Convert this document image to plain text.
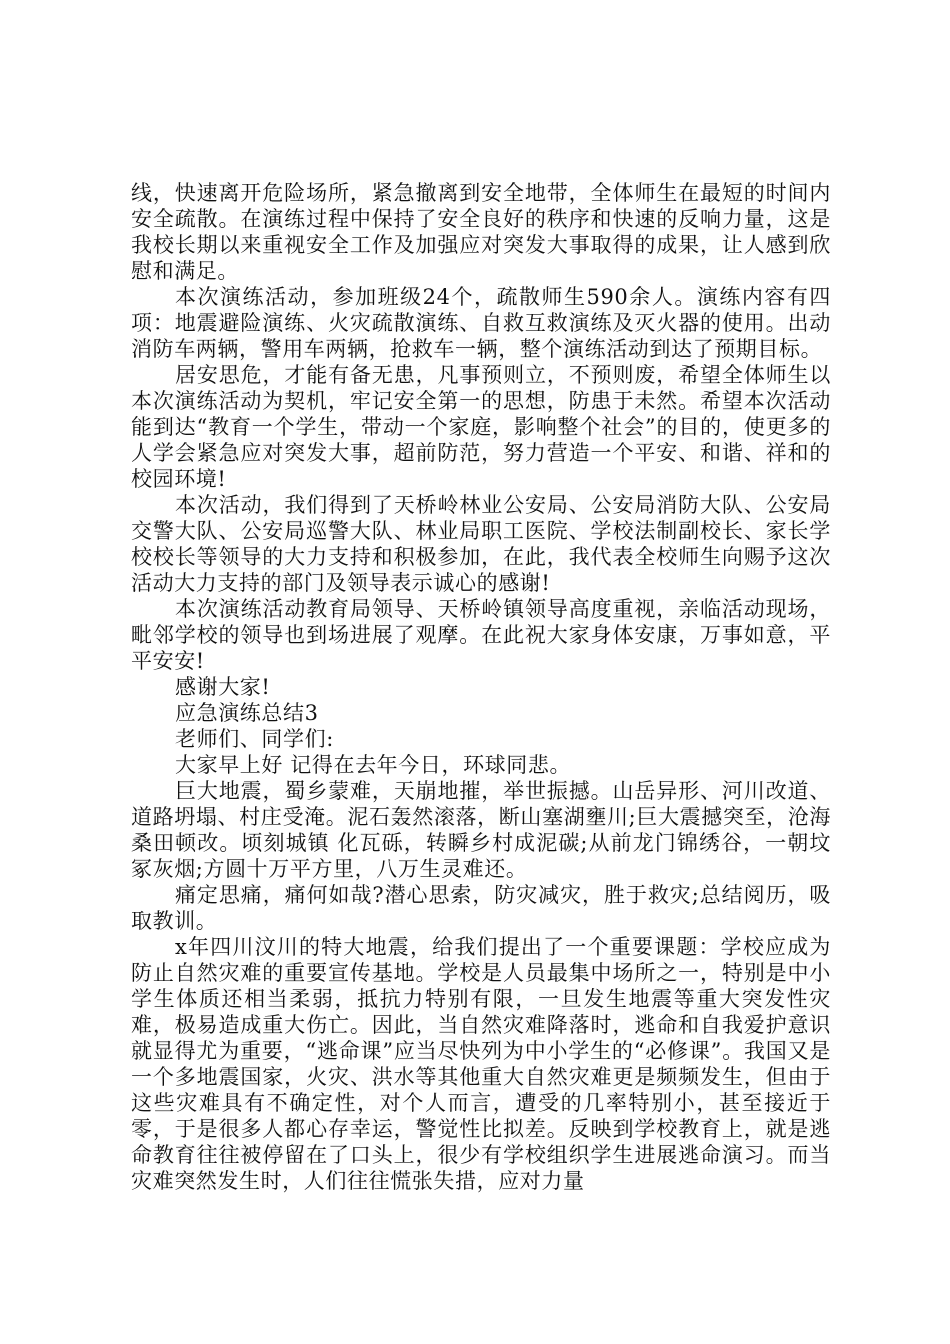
线，快速离开危险场所，紧急撤离到安全地带，全体师生在最短的时间内安全疏散。在演练过程中保持了安全良好的秩序和快速的反响力量，这是我校长期以来重视安全工作及加强应对突发大事取得的成果，让人感到欣慰和满足。

本次演练活动，参加班级24个，疏散师生590余人。演练内容有四项：地震避险演练、火灾疏散演练、自救互救演练及灭火器的使用。出动消防车两辆，警用车两辆，抢救车一辆，整个演练活动到达了预期目标。

居安思危，才能有备无患，凡事预则立，不预则废，希望全体师生以本次演练活动为契机，牢记安全第一的思想，防患于未然。希望本次活动能到达“教育一个学生，带动一个家庭，影响整个社会”的目的，使更多的人学会紧急应对突发大事，超前防范，努力营造一个平安、和谐、祥和的校园环境!

本次活动，我们得到了天桥岭林业公安局、公安局消防大队、公安局交警大队、公安局巡警大队、林业局职工医院、学校法制副校长、家长学校校长等领导的大力支持和积极参加，在此，我代表全校师生向赐予这次活动大力支持的部门及领导表示诚心的感谢!

本次演练活动教育局领导、天桥岭镇领导高度重视，亲临活动现场，毗邻学校的领导也到场进展了观摩。在此祝大家身体安康，万事如意，平平安安!

感谢大家!

应急演练总结3

老师们、同学们:

大家早上好 记得在去年今日，环球同悲。

巨大地震，蜀乡蒙难，天崩地摧，举世振撼。山岳异形、河川改道、道路坍塌、村庄受淹。泥石轰然滚落，断山塞湖壅川;巨大震撼突至，沧海桑田顿改。顷刻城镇 化瓦砾，转瞬乡村成泥碳;从前龙门锦绣谷，一朝坟冢灰烟;方圆十万平方里，八万生灵难还。

痛定思痛，痛何如哉?潜心思索，防灾减灾，胜于救灾;总结阅历，吸取教训。

x年四川汶川的特大地震，给我们提出了一个重要课题：学校应成为防止自然灾难的重要宣传基地。学校是人员最集中场所之一，特别是中小学生体质还相当柔弱，抵抗力特别有限，一旦发生地震等重大突发性灾难，极易造成重大伤亡。因此，当自然灾难降落时，逃命和自我爱护意识就显得尤为重要，“逃命课”应当尽快列为中小学生的“必修课”。我国又是一个多地震国家，火灾、洪水等其他重大自然灾难更是频频发生，但由于这些灾难具有不确定性，对个人而言，遭受的几率特别小，甚至接近于零，于是很多人都心存幸运，警觉性比拟差。反映到学校教育上，就是逃命教育往往被停留在了口头上，很少有学校组织学生进展逃命演习。而当灾难突然发生时，人们往往慌张失措，应对力量
